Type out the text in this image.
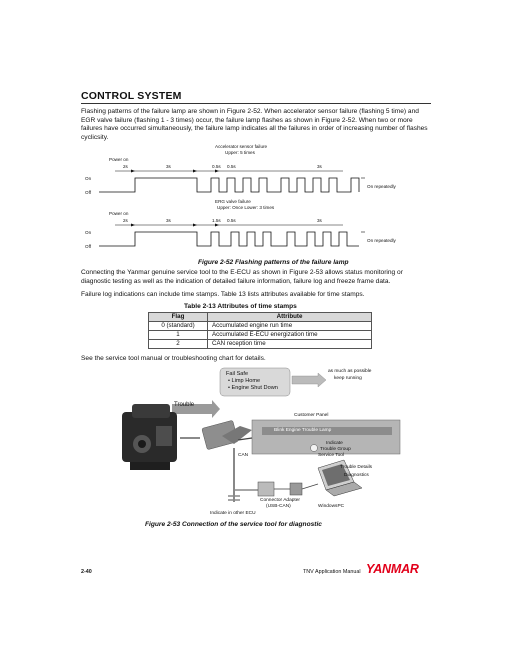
CONTROL SYSTEM
Flashing patterns of the failure lamp are shown in Figure 2-52. When accelerator sensor failure (flashing 5 time) and EGR valve failure (flashing 1 - 3 times) occur, the failure lamp flashes as shown in Figure 2-52. When two or more failures have occurred simultaneously, the failure lamp indicates all the failures in order of increasing number of flashes cyclicsity.
Accelerator sensor failure
Upper: 5 times
Power on
2s	3s	0.5s 0.5s	3s
On
Off
On repeatedly
ERG valve failure
Upper: Once Lower: 3 times
Power on
2s	3s	1.5s 0.5s	3s
On
Off
On repeatedly
Figure 2-52 Flashing patterns of the failure lamp
Connecting the Yanmar genuine service tool to the E-ECU as shown in Figure 2-53 allows status monitoring or diagnostic testing as well as the indication of detailed failure information, failure log and freeze frame data.
Failure log indications can include time stamps. Table 13 lists attributes available for time stamps.
Table 2-13 Attributes of time stamps
Flag	Attribute
0 (standard)	Accumulated engine run time
1	Accumulated E-ECU energization time
2	CAN reception time
See the service tool manual or troubleshooting chart for details.
Fail Safe
• Limp Home
• Engine Shut Down
as much as possible
keep running
Trouble
Customer Panel
Blink Engine Trouble Lamp
Indicate
Trouble Group
CAN	Service Tool
Trouble Details
Diagnostics
Connector Adapter
(USB-CAN)	WindowsPC
Indicate in other ECU
Figure 2-53 Connection of the service tool for diagnostic
2-40	TNV Application Manual YANMAR
